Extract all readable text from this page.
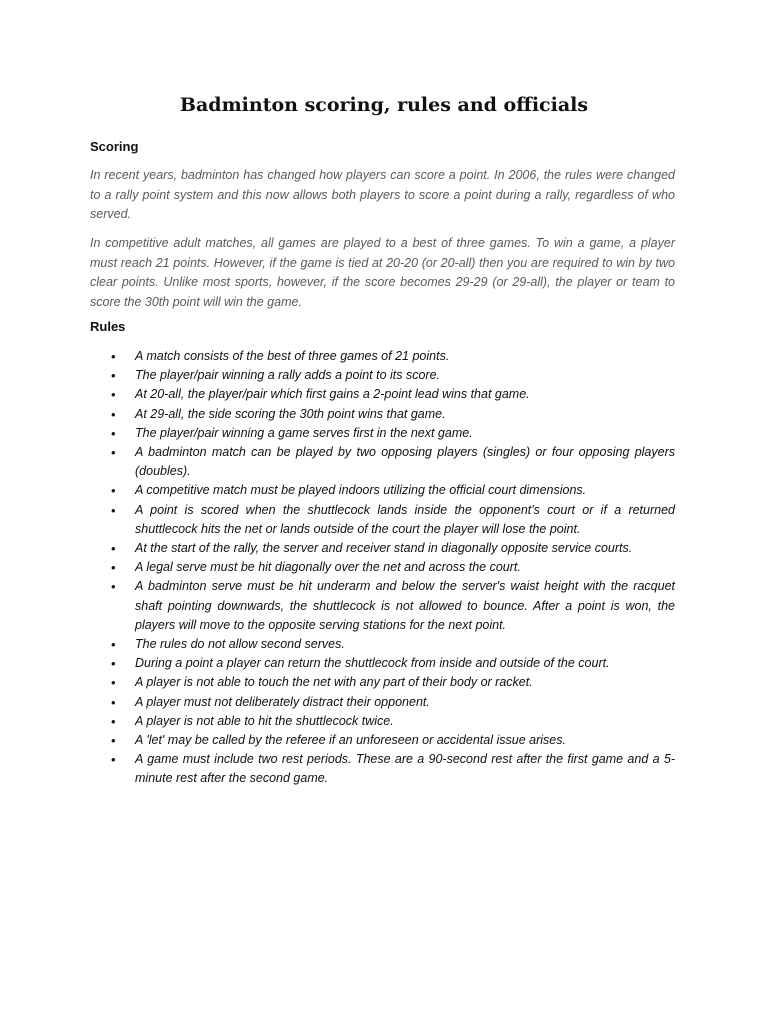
Badminton scoring, rules and officials
Scoring

In recent years, badminton has changed how players can score a point. In 2006, the rules were changed to a rally point system and this now allows both players to score a point during a rally, regardless of who served.

In competitive adult matches, all games are played to a best of three games. To win a game, a player must reach 21 points. However, if the game is tied at 20-20 (or 20-all) then you are required to win by two clear points. Unlike most sports, however, if the score becomes 29-29 (or 29-all), the player or team to score the 30th point will win the game.

Rules
•	A match consists of the best of three games of 21 points.
•	The player/pair winning a rally adds a point to its score.
•	At 20-all, the player/pair which first gains a 2-point lead wins that game.
•	At 29-all, the side scoring the 30th point wins that game.
•	The player/pair winning a game serves first in the next game.
•	A badminton match can be played by two opposing players (singles) or four opposing players (doubles).
•	A competitive match must be played indoors utilizing the official court dimensions.
•	A point is scored when the shuttlecock lands inside the opponent's court or if a returned shuttlecock hits the net or lands outside of the court the player will lose the point.
•	At the start of the rally, the server and receiver stand in diagonally opposite service courts.
•	A legal serve must be hit diagonally over the net and across the court.
•	A badminton serve must be hit underarm and below the server's waist height with the racquet shaft pointing downwards, the shuttlecock is not allowed to bounce. After a point is won, the players will move to the opposite serving stations for the next point.
•	The rules do not allow second serves.
•	During a point a player can return the shuttlecock from inside and outside of the court.
•	A player is not able to touch the net with any part of their body or racket.
•	A player must not deliberately distract their opponent.
•	A player is not able to hit the shuttlecock twice.
•	A 'let' may be called by the referee if an unforeseen or accidental issue arises.
•	A game must include two rest periods. These are a 90-second rest after the first game and a 5-minute rest after the second game.
